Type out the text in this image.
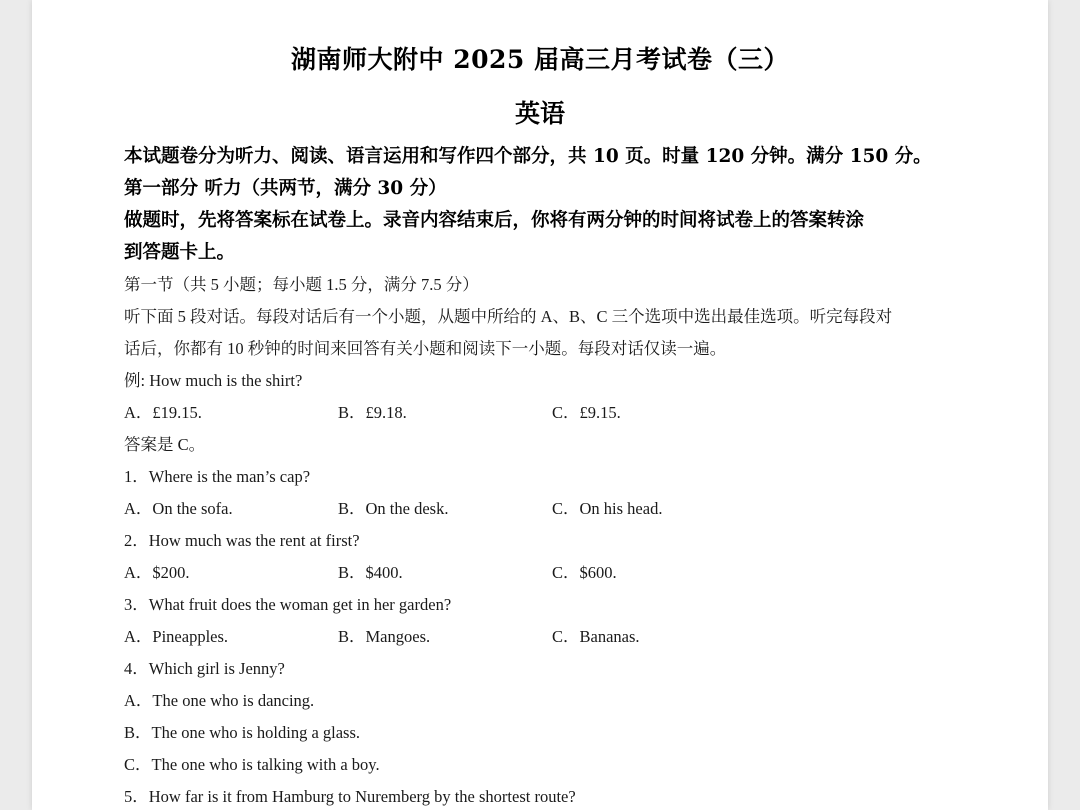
湖南师大附中 2025 届高三月考试卷（三）
英语
本试题卷分为听力、阅读、语言运用和写作四个部分，共 10 页。时量 120 分钟。满分 150 分。
第一部分 听力（共两节，满分 30 分）
做题时，先将答案标在试卷上。录音内容结束后，你将有两分钟的时间将试卷上的答案转涂
到答题卡上。
第一节（共 5 小题；每小题 1.5 分，满分 7.5 分）
听下面 5 段对话。每段对话后有一个小题，从题中所给的 A、B、C 三个选项中选出最佳选项。听完每段对
话后，你都有 10 秒钟的时间来回答有关小题和阅读下一小题。每段对话仅读一遍。
例: How much is the shirt?
A．£19.15.	B．£9.18.	C．£9.15.
答案是 C。
1．Where is the man’s cap?
A．On the sofa.	B．On the desk.	C．On his head.
2．How much was the rent at first?
A．$200.	B．$400.	C．$600.
3．What fruit does the woman get in her garden?
A．Pineapples.	B．Mangoes.	C．Bananas.
4．Which girl is Jenny?
A．The one who is dancing.
B．The one who is holding a glass.
C．The one who is talking with a boy.
5．How far is it from Hamburg to Nuremberg by the shortest route?
